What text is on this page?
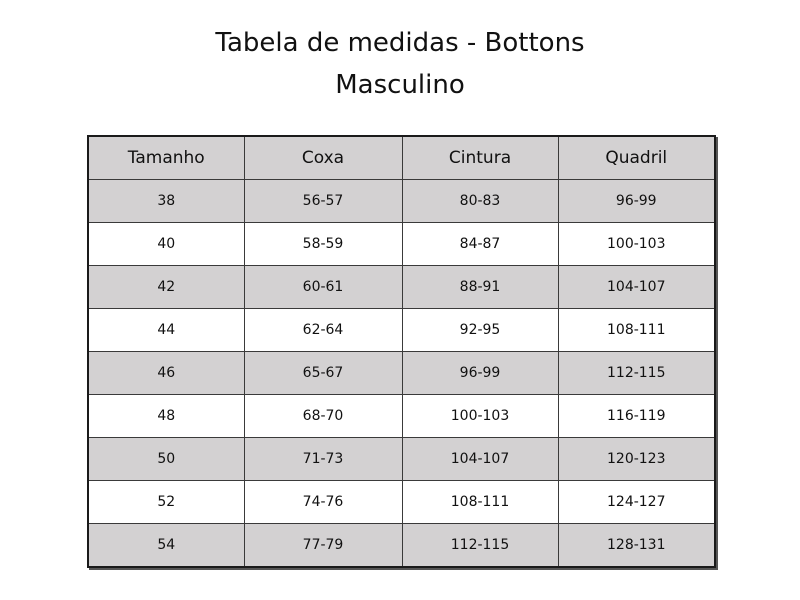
Tabela de medidas - Bottons
Masculino
Tamanho	Coxa	Cintura	Quadril
38	56-57	80-83	96-99
40	58-59	84-87	100-103
42	60-61	88-91	104-107
44	62-64	92-95	108-111
46	65-67	96-99	112-115
48	68-70	100-103	116-119
50	71-73	104-107	120-123
52	74-76	108-111	124-127
54	77-79	112-115	128-131
